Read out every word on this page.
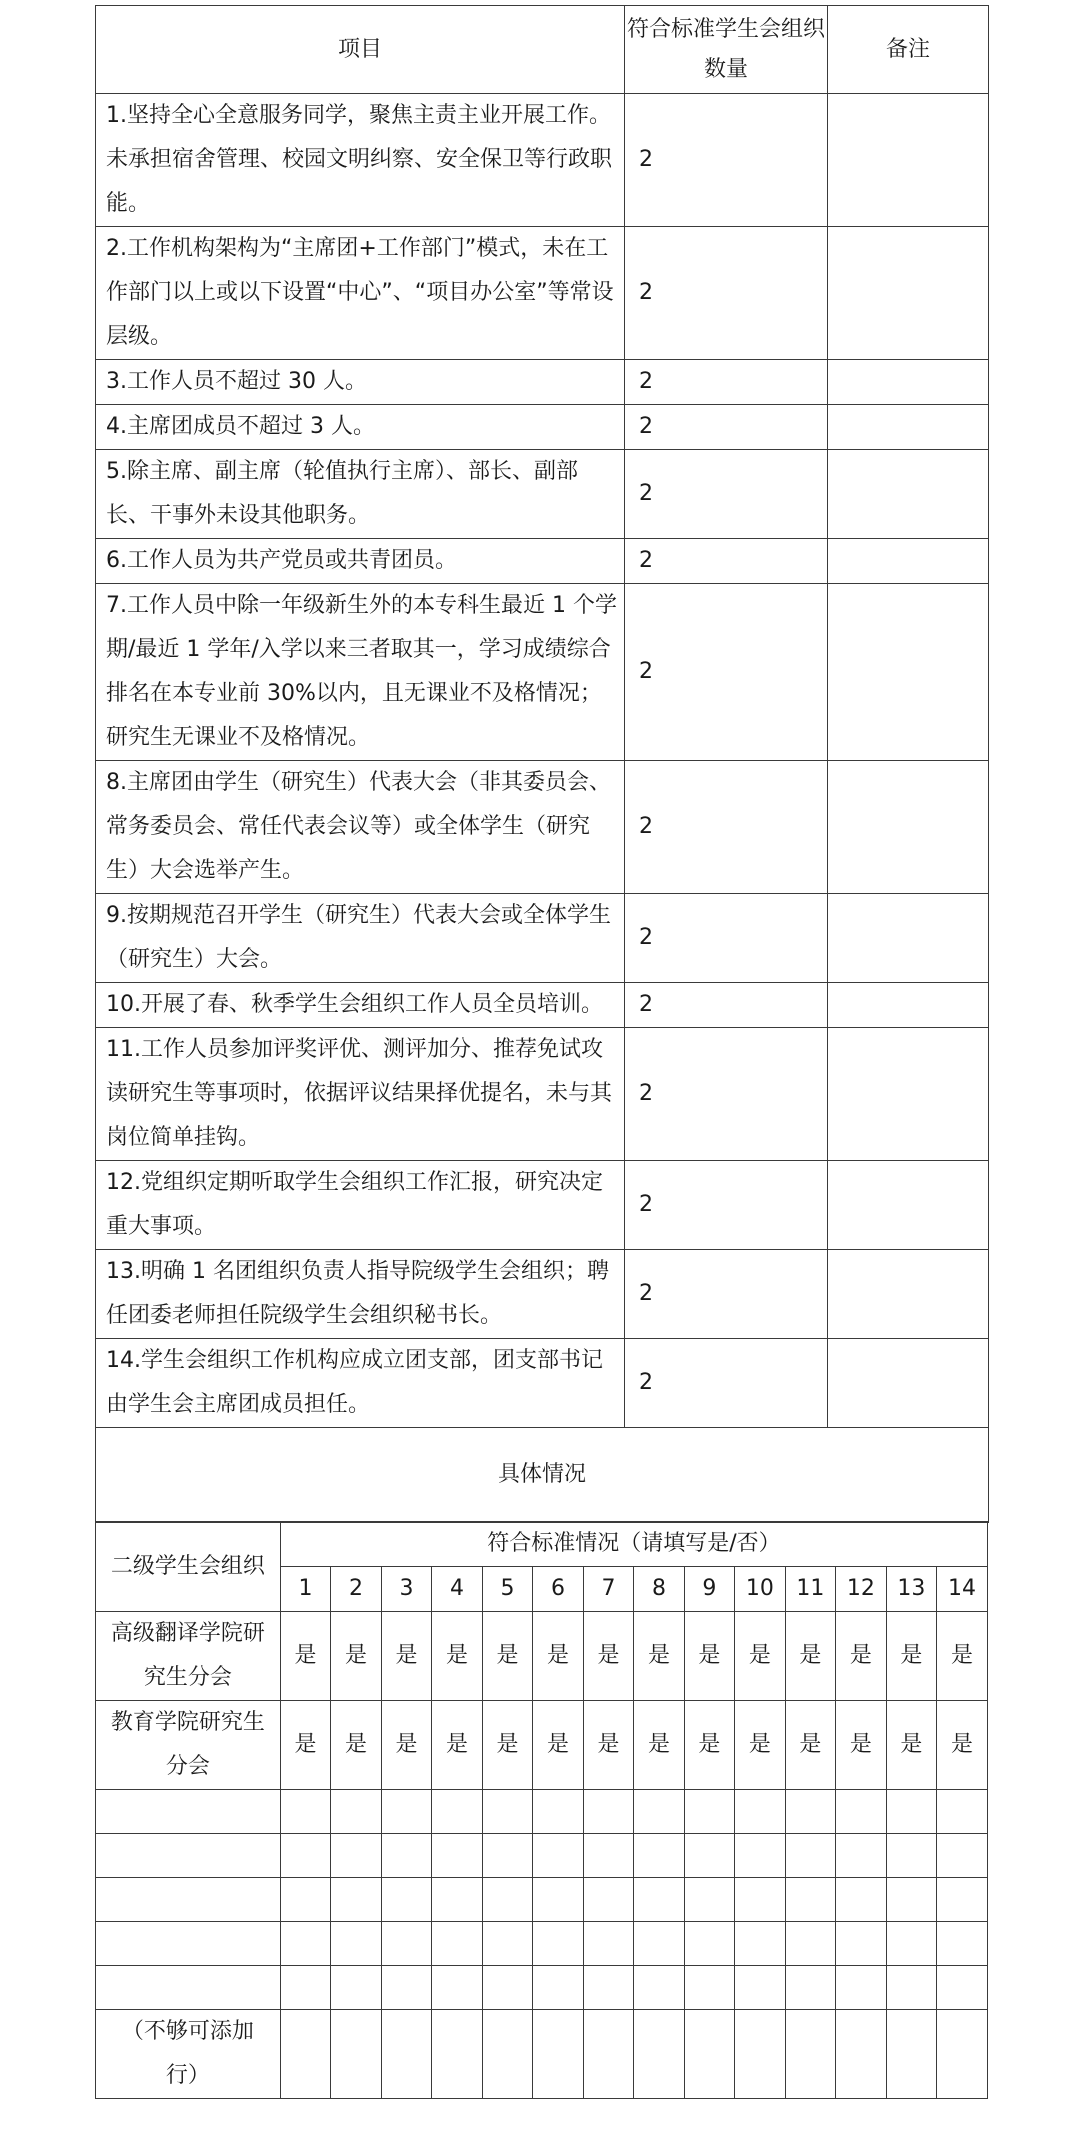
项目	符合标准学生会组织数量	备注
1.坚持全心全意服务同学，聚焦主责主业开展工作。未承担宿舍管理、校园文明纠察、安全保卫等行政职能。	2	
2.工作机构架构为“主席团+工作部门”模式，未在工作部门以上或以下设置“中心”、“项目办公室”等常设层级。	2	
3.工作人员不超过 30 人。	2	
4.主席团成员不超过 3 人。	2	
5.除主席、副主席（轮值执行主席）、部长、副部长、干事外未设其他职务。	2	
6.工作人员为共产党员或共青团员。	2	
7.工作人员中除一年级新生外的本专科生最近 1 个学期/最近 1 学年/入学以来三者取其一，学习成绩综合排名在本专业前 30%以内，且无课业不及格情况；研究生无课业不及格情况。	2	
8.主席团由学生（研究生）代表大会（非其委员会、常务委员会、常任代表会议等）或全体学生（研究生）大会选举产生。	2	
9.按期规范召开学生（研究生）代表大会或全体学生（研究生）大会。	2	
10.开展了春、秋季学生会组织工作人员全员培训。	2	
11.工作人员参加评奖评优、测评加分、推荐免试攻读研究生等事项时，依据评议结果择优提名，未与其岗位简单挂钩。	2	
12.党组织定期听取学生会组织工作汇报，研究决定重大事项。	2	
13.明确 1 名团组织负责人指导院级学生会组织；聘任团委老师担任院级学生会组织秘书长。	2	
14.学生会组织工作机构应成立团支部，团支部书记由学生会主席团成员担任。	2	
具体情况		
二级学生会组织	符合标准情况（请填写是/否）													
	1	2	3	4	5	6	7	8	9	10	11	12	13	14
高级翻译学院研究生分会	是	是	是	是	是	是	是	是	是	是	是	是	是	是
教育学院研究生分会	是	是	是	是	是	是	是	是	是	是	是	是	是	是

（不够可添加行）														
